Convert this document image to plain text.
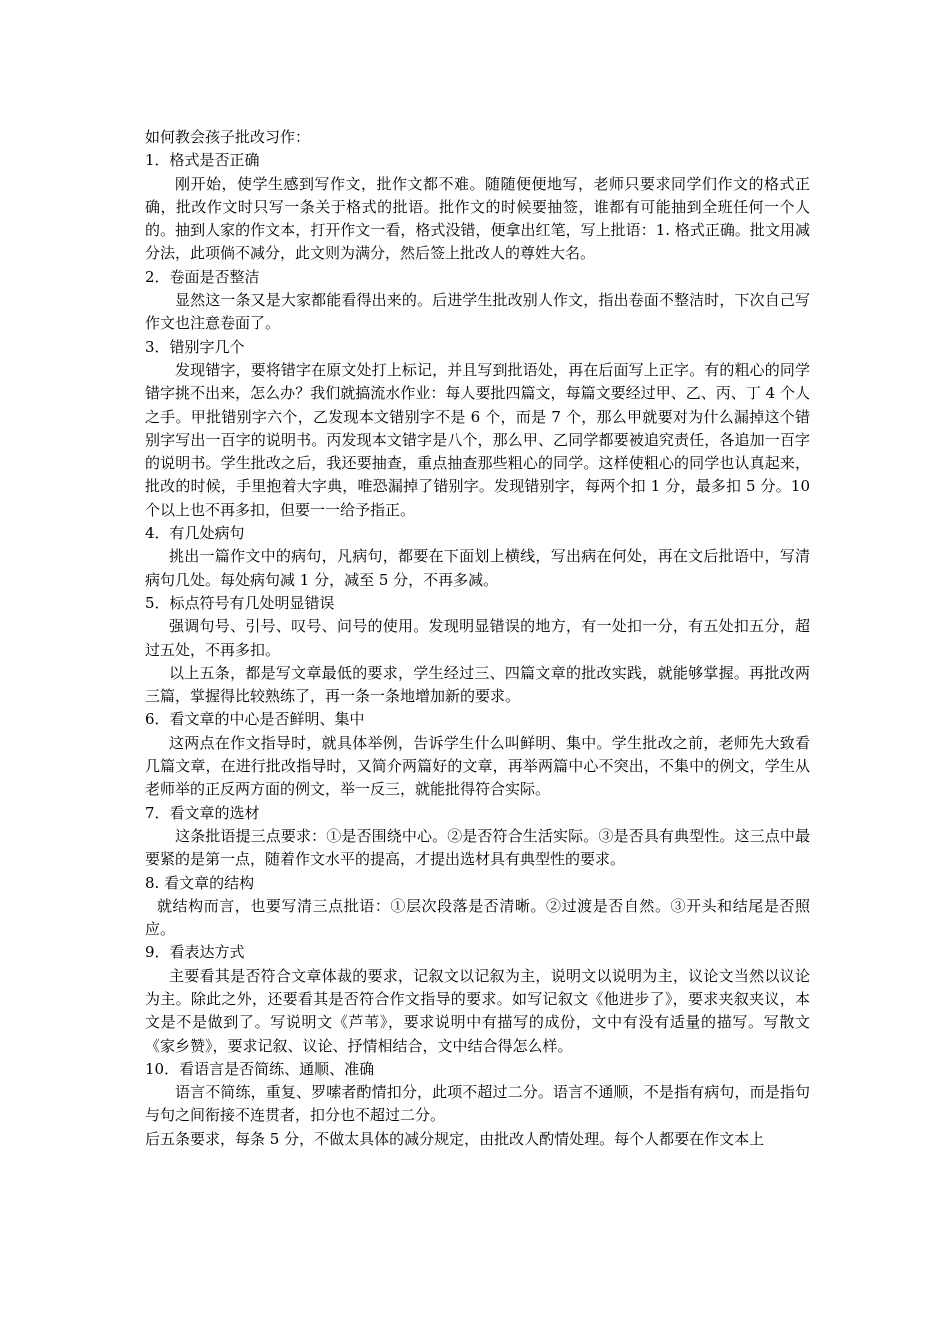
如何教会孩子批改习作：

1．格式是否正确

刚开始，使学生感到写作文，批作文都不难。随随便便地写，老师只要求同学们作文的格式正确，批改作文时只写一条关于格式的批语。批作文的时候要抽签，谁都有可能抽到全班任何一个人的。抽到人家的作文本，打开作文一看，格式没错，便拿出红笔，写上批语：1. 格式正确。批文用减分法，此项倘不减分，此文则为满分，然后签上批改人的尊姓大名。

2．卷面是否整洁

显然这一条又是大家都能看得出来的。后进学生批改别人作文，指出卷面不整洁时，下次自己写作文也注意卷面了。

3．错别字几个

发现错字，要将错字在原文处打上标记，并且写到批语处，再在后面写上正字。有的粗心的同学错字挑不出来，怎么办？我们就搞流水作业：每人要批四篇文，每篇文要经过甲、乙、丙、丁 4 个人之手。甲批错别字六个，乙发现本文错别字不是 6 个，而是 7 个，那么甲就要对为什么漏掉这个错别字写出一百字的说明书。丙发现本文错字是八个，那么甲、乙同学都要被追究责任，各追加一百字的说明书。学生批改之后，我还要抽查，重点抽查那些粗心的同学。这样使粗心的同学也认真起来，批改的时候，手里抱着大字典，唯恐漏掉了错别字。发现错别字，每两个扣 1 分，最多扣 5 分。10 个以上也不再多扣，但要一一给予指正。

4．有几处病句

挑出一篇作文中的病句，凡病句，都要在下面划上横线，写出病在何处，再在文后批语中，写清病句几处。每处病句减 1 分，减至 5 分，不再多减。

5．标点符号有几处明显错误

强调句号、引号、叹号、问号的使用。发现明显错误的地方，有一处扣一分，有五处扣五分，超过五处，不再多扣。

以上五条，都是写文章最低的要求，学生经过三、四篇文章的批改实践，就能够掌握。再批改两三篇，掌握得比较熟练了，再一条一条地增加新的要求。

6．看文章的中心是否鲜明、集中

这两点在作文指导时，就具体举例，告诉学生什么叫鲜明、集中。学生批改之前，老师先大致看几篇文章，在进行批改指导时，又简介两篇好的文章，再举两篇中心不突出，不集中的例文，学生从老师举的正反两方面的例文，举一反三，就能批得符合实际。

7．看文章的选材

这条批语提三点要求：①是否围绕中心。②是否符合生活实际。③是否具有典型性。这三点中最要紧的是第一点，随着作文水平的提高，才提出选材具有典型性的要求。

8. 看文章的结构

就结构而言，也要写清三点批语：①层次段落是否清晰。②过渡是否自然。③开头和结尾是否照应。

9．看表达方式

主要看其是否符合文章体裁的要求，记叙文以记叙为主，说明文以说明为主，议论文当然以议论为主。除此之外，还要看其是否符合作文指导的要求。如写记叙文《他进步了》，要求夹叙夹议，本文是不是做到了。写说明文《芦苇》，要求说明中有描写的成份，文中有没有适量的描写。写散文《家乡赞》，要求记叙、议论、抒情相结合，文中结合得怎么样。

10．看语言是否简练、通顺、准确

语言不简练，重复、罗嗦者酌情扣分，此项不超过二分。语言不通顺，不是指有病句，而是指句与句之间衔接不连贯者，扣分也不超过二分。

后五条要求，每条 5 分，不做太具体的减分规定，由批改人酌情处理。每个人都要在作文本上
